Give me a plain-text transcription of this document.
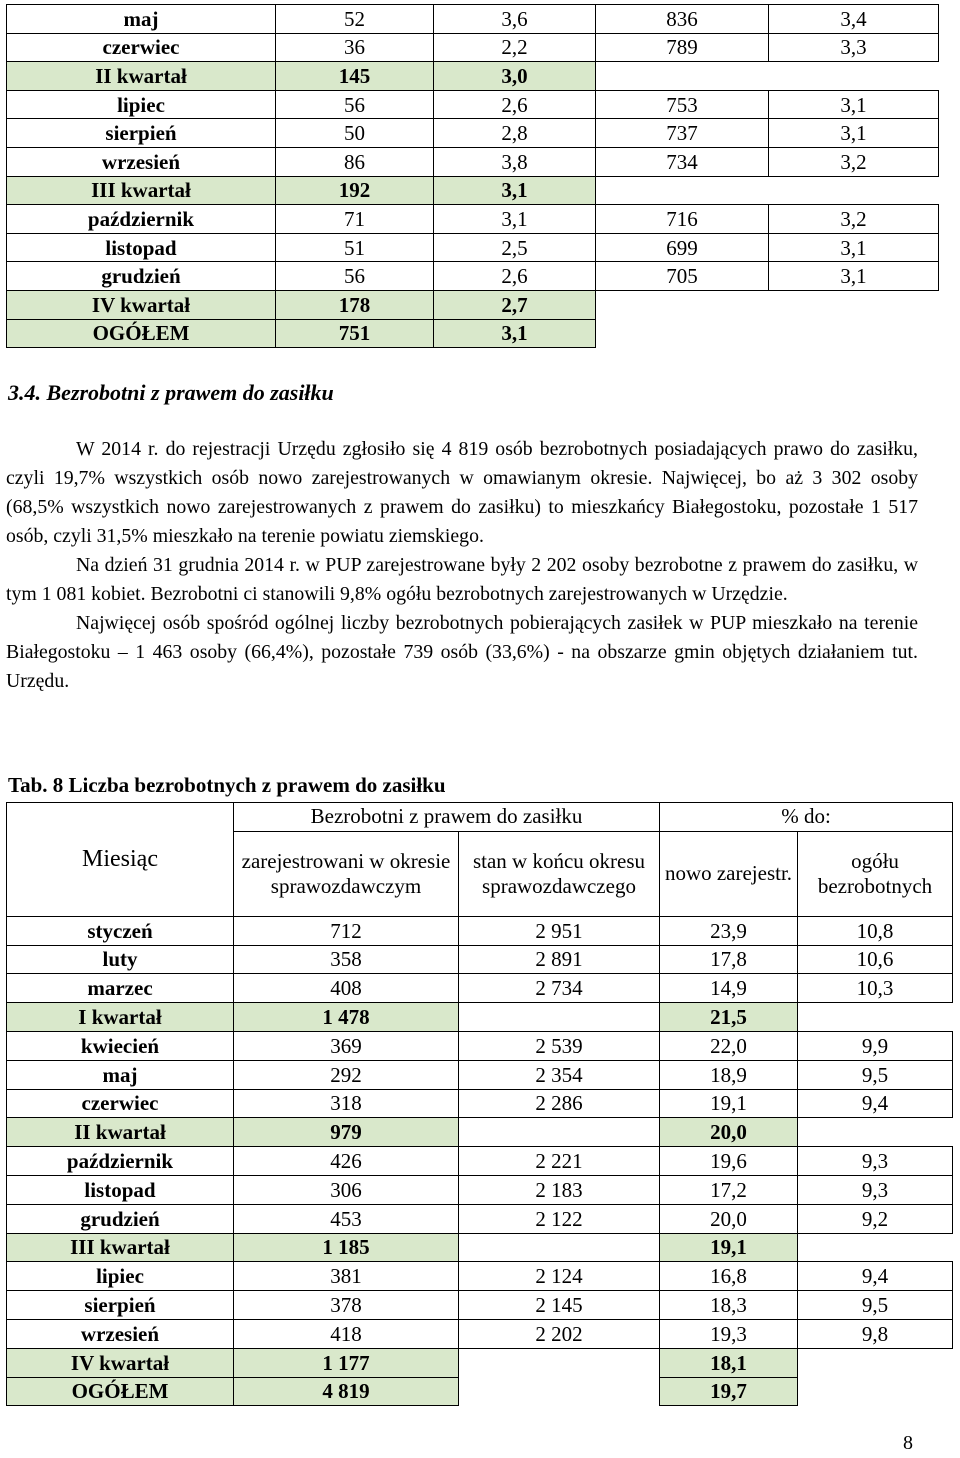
maj	52	3,6	836	3,4
czerwiec	36	2,2	789	3,3
II kwartał	145	3,0		
lipiec	56	2,6	753	3,1
sierpień	50	2,8	737	3,1
wrzesień	86	3,8	734	3,2
III kwartał	192	3,1		
październik	71	3,1	716	3,2
listopad	51	2,5	699	3,1
grudzień	56	2,6	705	3,1
IV kwartał	178	2,7		
OGÓŁEM	751	3,1		
3.4. Bezrobotni z prawem do zasiłku

W 2014 r. do rejestracji Urzędu zgłosiło się 4 819 osób bezrobotnych posiadających prawo do zasiłku, czyli 19,7% wszystkich osób nowo zarejestrowanych w omawianym okresie. Najwięcej, bo aż 3 302 osoby (68,5% wszystkich nowo zarejestrowanych z prawem do zasiłku) to mieszkańcy Białegostoku, pozostałe 1 517 osób, czyli 31,5% mieszkało na terenie powiatu ziemskiego.

Na dzień 31 grudnia 2014 r. w PUP zarejestrowane były 2 202 osoby bezrobotne z prawem do zasiłku, w tym 1 081 kobiet. Bezrobotni ci stanowili 9,8% ogółu bezrobotnych zarejestrowanych w Urzędzie.

Najwięcej osób spośród ogólnej liczby bezrobotnych pobierających zasiłek w PUP mieszkało na terenie Białegostoku – 1 463 osoby (66,4%), pozostałe 739 osób (33,6%) - na obszarze gmin objętych działaniem tut. Urzędu.

Tab. 8 Liczba bezrobotnych z prawem do zasiłku

Miesiąc	Bezrobotni z prawem do zasiłku		% do:	
	zarejestrowani w okresie sprawozdawczym	stan w końcu okresu sprawozdawczego	nowo zarejestr.	ogółu bezrobotnych
styczeń	712	2 951	23,9	10,8
luty	358	2 891	17,8	10,6
marzec	408	2 734	14,9	10,3
I kwartał	1 478		21,5	
kwiecień	369	2 539	22,0	9,9
maj	292	2 354	18,9	9,5
czerwiec	318	2 286	19,1	9,4
II kwartał	979		20,0	
październik	426	2 221	19,6	9,3
listopad	306	2 183	17,2	9,3
grudzień	453	2 122	20,0	9,2
III kwartał	1 185		19,1	
lipiec	381	2 124	16,8	9,4
sierpień	378	2 145	18,3	9,5
wrzesień	418	2 202	19,3	9,8
IV kwartał	1 177		18,1	
OGÓŁEM	4 819		19,7	
8
